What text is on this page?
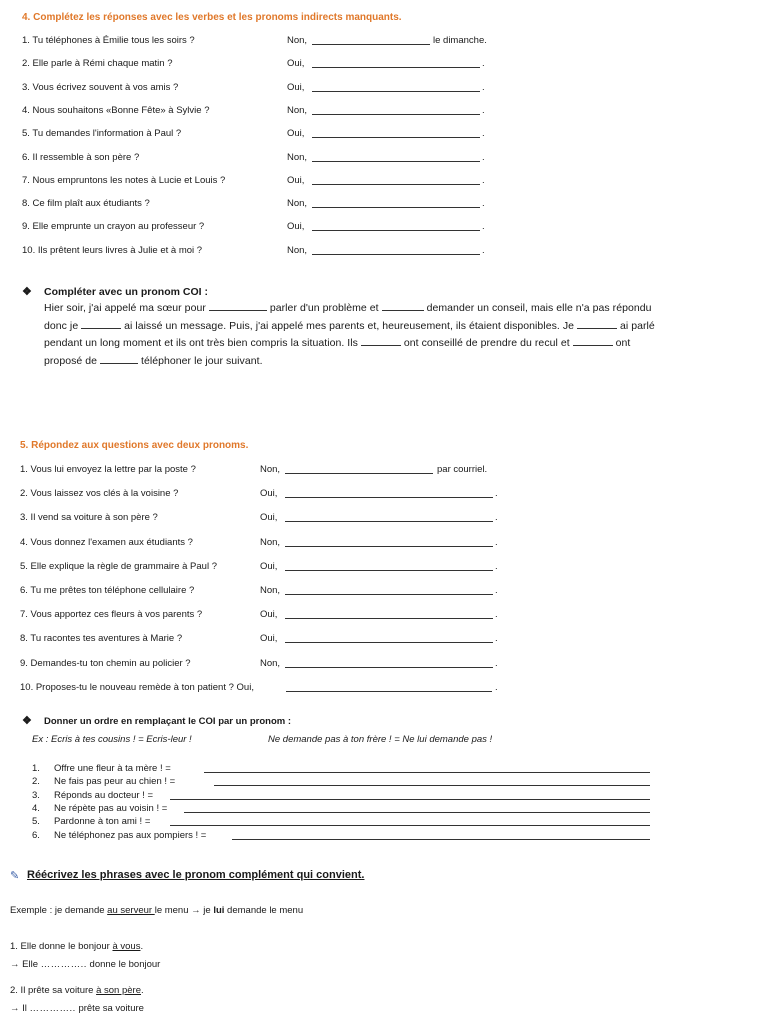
4. Complétez les réponses avec les verbes et les pronoms indirects manquants.
1. Tu téléphones à Émilie tous les soirs ?	Non,	le dimanche.
2. Elle parle à Rémi chaque matin ?	Oui,	.
3. Vous écrivez souvent à vos amis ?	Oui,	.
4. Nous souhaitons «Bonne Fête» à Sylvie ?	Non,	.
5. Tu demandes l'information à Paul ?	Oui,	.
6. Il ressemble à son père ?	Non,	.
7. Nous empruntons les notes à Lucie et Louis ?	Oui,	.
8. Ce film plaît aux étudiants ?	Non,	.
9. Elle emprunte un crayon au professeur ?	Oui,	.
10. Ils prêtent leurs livres à Julie et à moi ?	Non,	.
❖ Compléter avec un pronom COI :
Hier soir, j'ai appelé ma sœur pour	parler d'un problème et	demander un conseil, mais elle n'a pas répondu
donc je	ai laissé un message. Puis, j'ai appelé mes parents et, heureusement, ils étaient disponibles. Je	ai parlé
pendant un long moment et ils ont très bien compris la situation. Ils	ont conseillé de prendre du recul et	ont
proposé de	téléphoner le jour suivant.
5. Répondez aux questions avec deux pronoms.
1. Vous lui envoyez la lettre par la poste ?	Non,	par courriel.
2. Vous laissez vos clés à la voisine ?	Oui,	.
3. Il vend sa voiture à son père ?	Oui,	.
4. Vous donnez l'examen aux étudiants ?	Non,	.
5. Elle explique la règle de grammaire à Paul ?	Oui,	.
6. Tu me prêtes ton téléphone cellulaire ?	Non,	.
7. Vous apportez ces fleurs à vos parents ?	Oui,	.
8. Tu racontes tes aventures à Marie ?	Oui,	.
9. Demandes-tu ton chemin au policier ?	Non,	.
10. Proposes-tu le nouveau remède à ton patient ? Oui,	.
❖ Donner un ordre en remplaçant le COI par un pronom :
Ex : Ecris à tes cousins ! = Ecris-leur !	Ne demande pas à ton frère ! = Ne lui demande pas !
1. Offre une fleur à ta mère ! =
2. Ne fais pas peur au chien ! =
3. Réponds au docteur ! =
4. Ne répète pas au voisin ! =
5. Pardonne à ton ami ! =
6. Ne téléphonez pas aux pompiers ! =
✎ Réécrivez les phrases avec le pronom complément qui convient.
Exemple : je demande au serveur le menu → je lui demande le menu
1. Elle donne le bonjour à vous.
→ Elle ………….. donne le bonjour
2. Il prête sa voiture à son père.
→ Il ………….. prête sa voiture
